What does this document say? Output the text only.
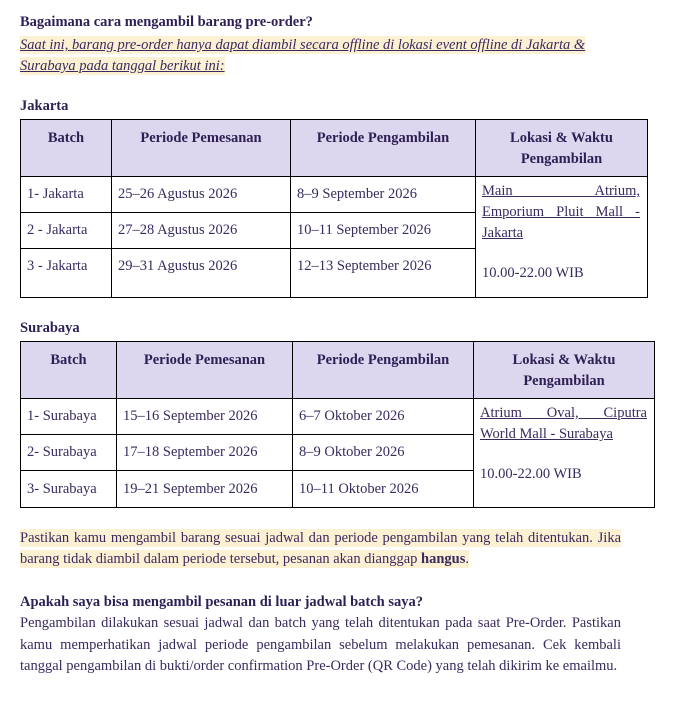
Bagaimana cara mengambil barang pre-order?
Saat ini, barang pre-order hanya dapat diambil secara offline di lokasi event offline di Jakarta & Surabaya pada tanggal berikut ini:
Jakarta
Batch	Periode Pemesanan	Periode Pengambilan	Lokasi & Waktu
Pengambilan
1- Jakarta	25–26 Agustus 2026	8–9 September 2026	Main Atrium,
Emporium Pluit Mall -
Jakarta
10.00-22.00 WIB

2 - Jakarta	27–28 Agustus 2026	10–11 September 2026	
3 - Jakarta	29–31 Agustus 2026	12–13 September 2026	
Surabaya
Batch	Periode Pemesanan	Periode Pengambilan	Lokasi & Waktu
Pengambilan
1- Surabaya	15–16 September 2026	6–7 Oktober 2026	Atrium Oval, Ciputra
World Mall - Surabaya
10.00-22.00 WIB

2- Surabaya	17–18 September 2026	8–9 Oktober 2026	
3- Surabaya	19–21 September 2026	10–11 Oktober 2026	
Pastikan kamu mengambil barang sesuai jadwal dan periode pengambilan yang telah ditentukan. Jika barang tidak diambil dalam periode tersebut, pesanan akan dianggap hangus.
Apakah saya bisa mengambil pesanan di luar jadwal batch saya?
Pengambilan dilakukan sesuai jadwal dan batch yang telah ditentukan pada saat Pre-Order. Pastikan kamu memperhatikan jadwal periode pengambilan sebelum melakukan pemesanan. Cek kembali tanggal pengambilan di bukti/order confirmation Pre-Order (QR Code) yang telah dikirim ke emailmu.
